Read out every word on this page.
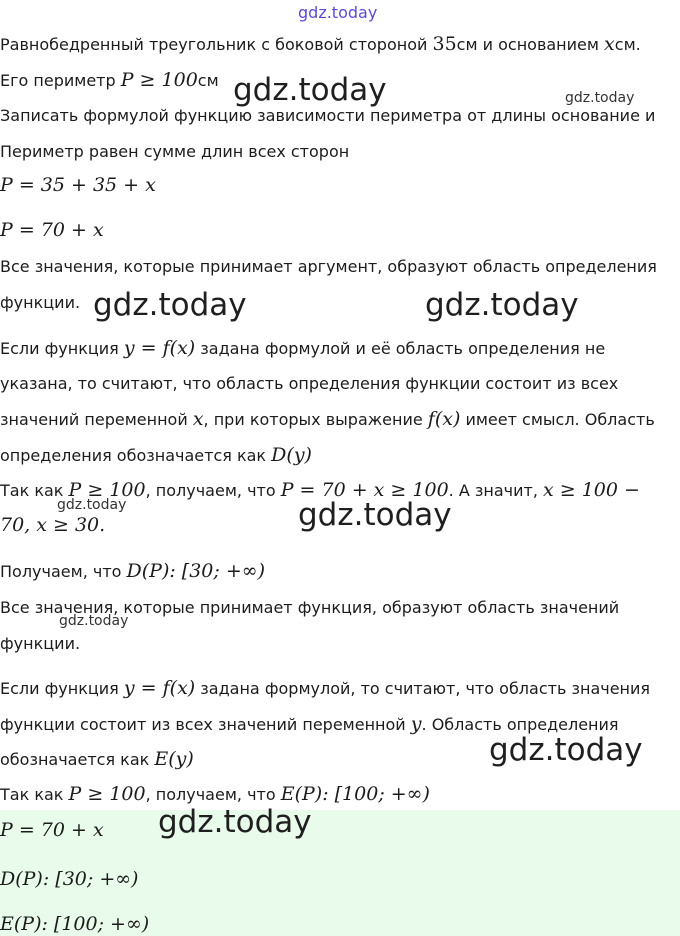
gdz.today
Равнобедренный треугольник с боковой стороной 35см и основанием xсм.
Его периметр P ≥ 100см gdz.today	gdz.today
Записать формулой функцию зависимости периметра от длины основание и
Периметр равен сумме длин всех сторон
P = 35 + 35 + x
P = 70 + x
Все значения, которые принимает аргумент, образуют область определения
функции. gdz.today	gdz.today
Если функция y = f(x) задана формулой и её область определения не
указана, то считают, что область определения функции состоит из всех
значений переменной x, при которых выражение f(x) имеет смысл. Область
определения обозначается как D(y)
Так как P ≥ 100, получаем, что P = 70 + x ≥ 100. А значит, x ≥ 100 −
gdz.today
70, x ≥ 30.	gdz.today
Получаем, что D(P): [30; +∞)
Все значения, которые принимает функция, образуют область значений
gdz.today
функции.
Если функция y = f(x) задана формулой, то считают, что область значения
функции состоит из всех значений переменной y. Область определения
обозначается как E(y)	gdz.today
Так как P ≥ 100, получаем, что E(P): [100; +∞)
P = 70 + x gdz.today
D(P): [30; +∞)
E(P): [100; +∞)
